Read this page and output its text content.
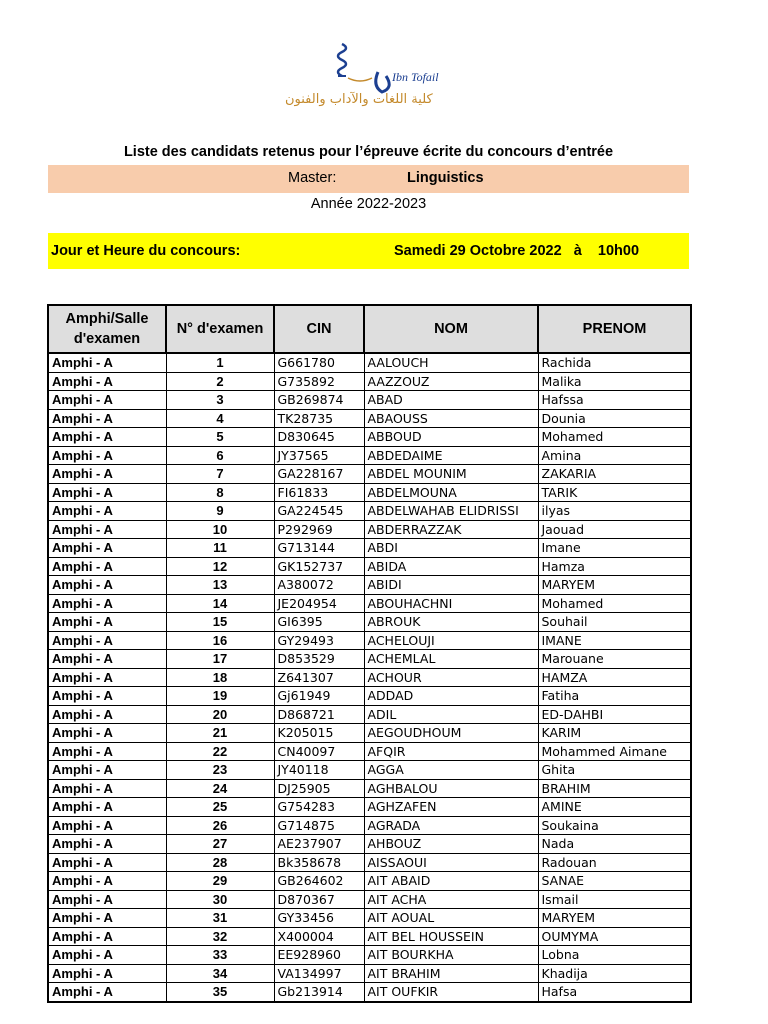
Ibn Tofail
كلية اللغات والآداب والفنون
Liste des candidats retenus pour l’épreuve écrite du concours d’entrée
Master:	Linguistics
Année 2022-2023
Jour et Heure du concours:	Samedi 29 Octobre 2022   à    10h00
Amphi/Salle d'examen	N° d'examen	CIN	NOM	PRENOM
Amphi - A	1	G661780	AALOUCH	Rachida
Amphi - A	2	G735892	AAZZOUZ	Malika
Amphi - A	3	GB269874	ABAD	Hafssa
Amphi - A	4	TK28735	ABAOUSS	Dounia
Amphi - A	5	D830645	ABBOUD	Mohamed
Amphi - A	6	JY37565	ABDEDAIME	Amina
Amphi - A	7	GA228167	ABDEL MOUNIM	ZAKARIA
Amphi - A	8	FI61833	ABDELMOUNA	TARIK
Amphi - A	9	GA224545	ABDELWAHAB ELIDRISSI	ilyas
Amphi - A	10	P292969	ABDERRAZZAK	Jaouad
Amphi - A	11	G713144	ABDI	Imane
Amphi - A	12	GK152737	ABIDA	Hamza
Amphi - A	13	A380072	ABIDI	MARYEM
Amphi - A	14	JE204954	ABOUHACHNI	Mohamed
Amphi - A	15	GI6395	ABROUK	Souhail
Amphi - A	16	GY29493	ACHELOUJI	IMANE
Amphi - A	17	D853529	ACHEMLAL	Marouane
Amphi - A	18	Z641307	ACHOUR	HAMZA
Amphi - A	19	Gj61949	ADDAD	Fatiha
Amphi - A	20	D868721	ADIL	ED-DAHBI
Amphi - A	21	K205015	AEGOUDHOUM	KARIM
Amphi - A	22	CN40097	AFQIR	Mohammed Aimane
Amphi - A	23	JY40118	AGGA	Ghita
Amphi - A	24	DJ25905	AGHBALOU	BRAHIM
Amphi - A	25	G754283	AGHZAFEN	AMINE
Amphi - A	26	G714875	AGRADA	Soukaina
Amphi - A	27	AE237907	AHBOUZ	Nada
Amphi - A	28	Bk358678	AISSAOUI	Radouan
Amphi - A	29	GB264602	AIT ABAID	SANAE
Amphi - A	30	D870367	AIT ACHA	Ismail
Amphi - A	31	GY33456	AIT AOUAL	MARYEM
Amphi - A	32	X400004	AIT BEL HOUSSEIN	OUMYMA
Amphi - A	33	EE928960	AIT BOURKHA	Lobna
Amphi - A	34	VA134997	AIT BRAHIM	Khadija
Amphi - A	35	Gb213914	AIT OUFKIR	Hafsa
